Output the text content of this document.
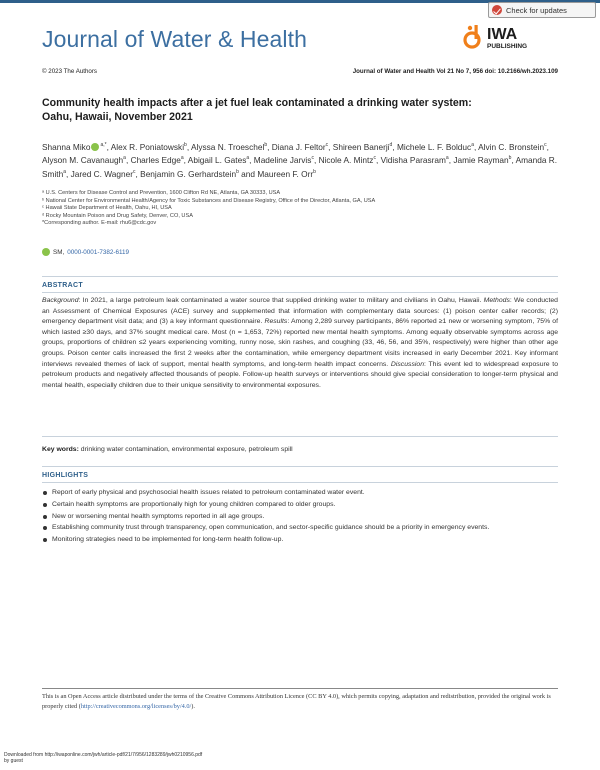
Journal of Water & Health
Check for updates
IWA
PUBLISHING
© 2023 The Authors	Journal of Water and Health Vol 21 No 7, 956 doi: 10.2166/wh.2023.109
Community health impacts after a jet fuel leak contaminated a drinking water system:
Oahu, Hawaii, November 2021
Shanna Miko $^{a,*}$, Alex R. Poniatowski$^b$, Alyssa N. Troeschel$^b$, Diana J. Feltor$^c$, Shireen Banerji$^d$, Michele L. F. Bolduc$^a$, Alvin C. Bronstein$^c$, Alyson M. Cavanaugh$^a$, Charles Edge$^a$, Abigail L. Gates$^a$, Madeline Jarvis$^c$, Nicole A. Mintz$^c$, Vidisha Parasram$^a$, Jamie Rayman$^b$, Amanda R. Smith$^a$, Jared C. Wagner$^c$, Benjamin G. Gerhardstein$^b$ and Maureen F. Orr$^b$
ᵃ U.S. Centers for Disease Control and Prevention, 1600 Clifton Rd NE, Atlanta, GA 30333, USA
ᵇ National Center for Environmental Health/Agency for Toxic Substances and Disease Registry, Office of the Director, Atlanta, GA, USA
ᶜ Hawaii State Department of Health, Oahu, HI, USA
ᵈ Rocky Mountain Poison and Drug Safety, Denver, CO, USA
*Corresponding author. E-mail: rhu6@cdc.gov
SM, 0000-0001-7382-6119
ABSTRACT
Background: In 2021, a large petroleum leak contaminated a water source that supplied drinking water to military and civilians in Oahu, Hawaii. Methods: We conducted an Assessment of Chemical Exposures (ACE) survey and supplemented that information with complementary data sources: (1) poison center caller records; (2) emergency department visit data; and (3) a key informant questionnaire. Results: Among 2,289 survey participants, 86% reported ≥1 new or worsening symptom, 75% of which lasted ≥30 days, and 37% sought medical care. Most (n = 1,653, 72%) reported new mental health symptoms. Among equally observable symptoms across age groups, proportions of children ≤2 years experiencing vomiting, runny nose, skin rashes, and coughing (33, 46, 56, and 35%, respectively) were higher than other age groups. Poison center calls increased the first 2 weeks after the contamination, while emergency department visits increased in early December 2021. Key informant interviews revealed themes of lack of support, mental health symptoms, and long-term health impact concerns. Discussion: This event led to widespread exposure to petroleum products and negatively affected thousands of people. Follow-up health surveys or interventions should give special consideration to longer-term physical and mental health, especially children due to their unique sensitivity to environmental exposures.
Key words: drinking water contamination, environmental exposure, petroleum spill
HIGHLIGHTS
Report of early physical and psychosocial health issues related to petroleum contaminated water event.
Certain health symptoms are proportionally high for young children compared to older groups.
New or worsening mental health symptoms reported in all age groups.
Establishing community trust through transparency, open communication, and sector-specific guidance should be a priority in emergency events.
Monitoring strategies need to be implemented for long-term health follow-up.
This is an Open Access article distributed under the terms of the Creative Commons Attribution Licence (CC BY 4.0), which permits copying, adaptation and redistribution, provided the original work is properly cited (http://creativecommons.org/licenses/by/4.0/).
Downloaded from http://iwaponline.com/jwh/article-pdf/21/7/956/1283289/jwh0210956.pdf
by guest
